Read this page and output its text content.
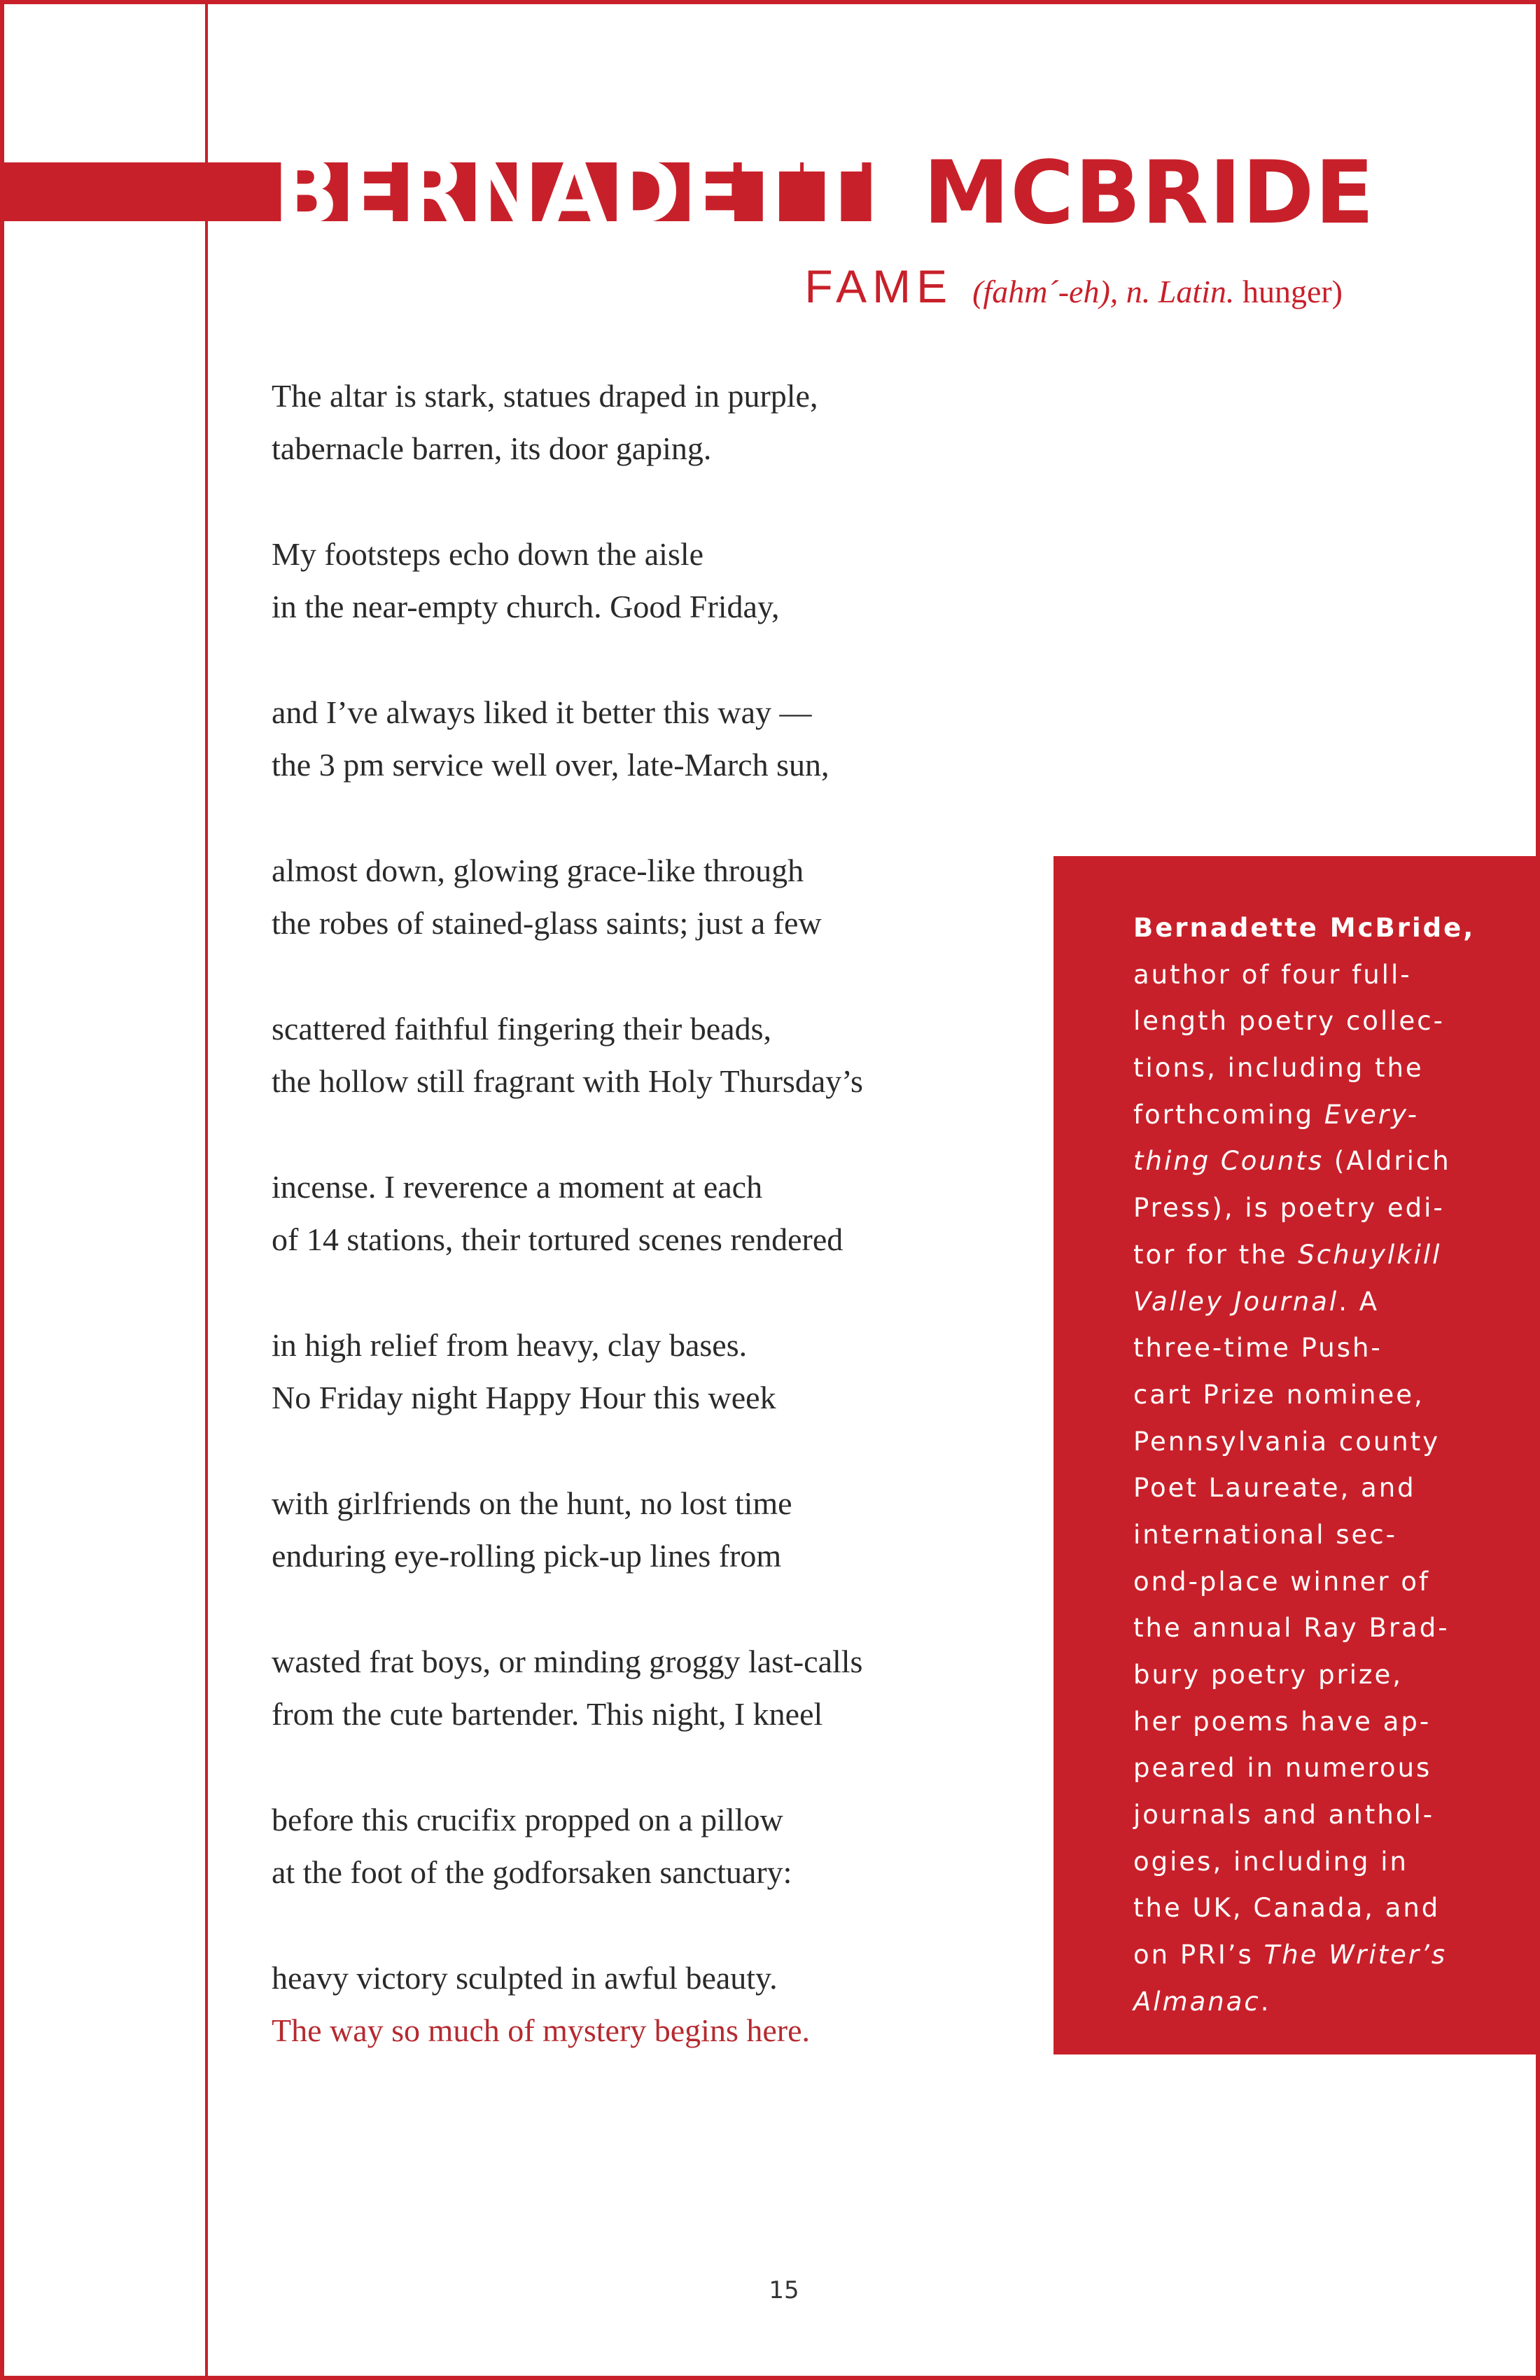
BERNADETTEMCBRIDE
FAME (fahm´-eh), n. Latin. hunger)
The altar is stark, statues draped in purple,
tabernacle barren, its door gaping.
My footsteps echo down the aisle
in the near-empty church. Good Friday,
and I’ve always liked it better this way —
the 3 pm service well over, late-March sun,
almost down, glowing grace-like through
the robes of stained-glass saints; just a few
scattered faithful fingering their beads,
the hollow still fragrant with Holy Thursday’s
incense. I reverence a moment at each
of 14 stations, their tortured scenes rendered
in high relief from heavy, clay bases.
No Friday night Happy Hour this week
with girlfriends on the hunt, no lost time
enduring eye-rolling pick-up lines from
wasted frat boys, or minding groggy last-calls
from the cute bartender. This night, I kneel
before this crucifix propped on a pillow
at the foot of the godforsaken sanctuary:
heavy victory sculpted in awful beauty.
The way so much of mystery begins here.
Bernadette McBride,
author of four full-
length poetry collec-
tions, including the
forthcoming Every-
thing Counts (Aldrich
Press), is poetry edi-
tor for the Schuylkill
Valley Journal. A
three-time Push-
cart Prize nominee,
Pennsylvania county
Poet Laureate, and
international sec-
ond-place winner of
the annual Ray Brad-
bury poetry prize,
her poems have ap-
peared in numerous
journals and anthol-
ogies, including in
the UK, Canada, and
on PRI’s The Writer’s
Almanac.
15
